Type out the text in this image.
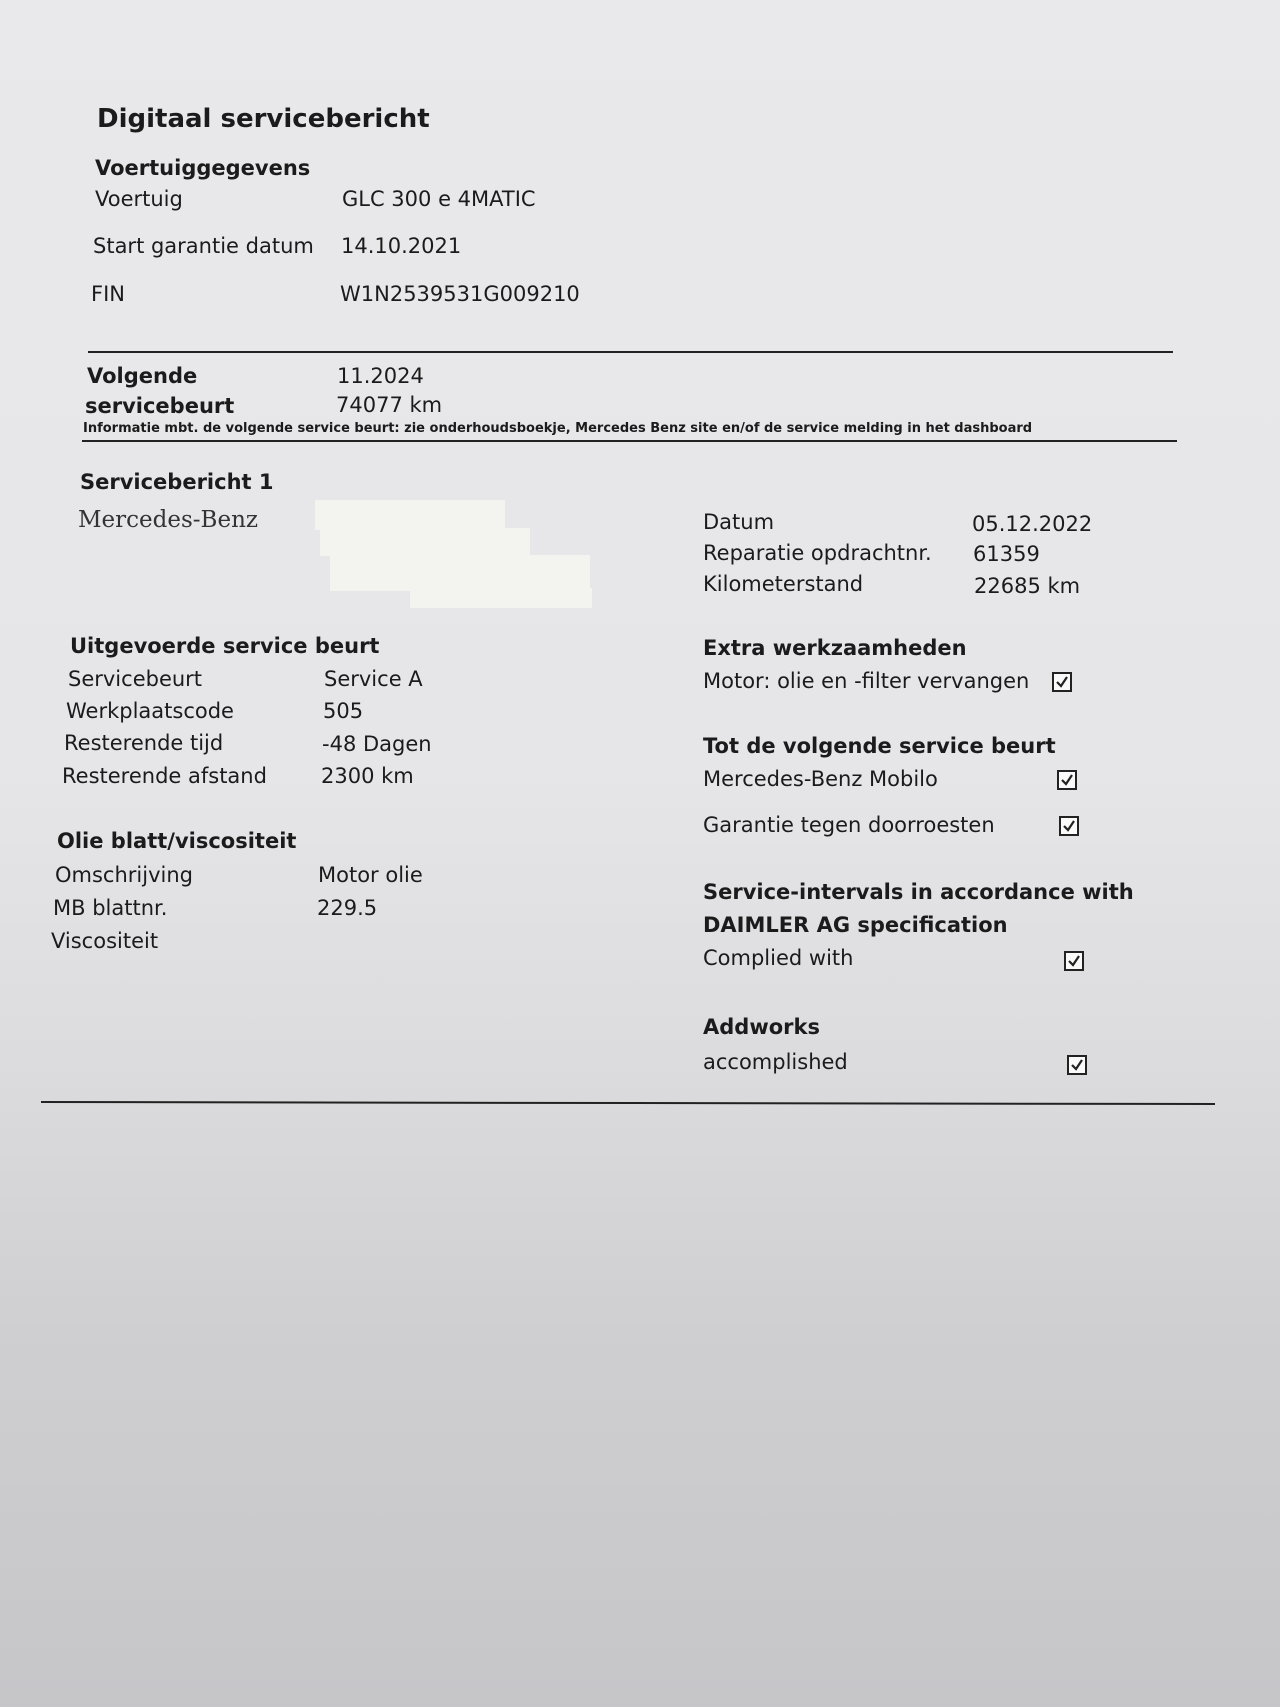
Digitaal servicebericht
Voertuiggegevens
Voertuig	GLC 300 e 4MATIC
Start garantie datum 14.10.2021
FIN	W1N2539531G009210
Volgende
servicebeurt
11.2024
74077 km
Informatie mbt. de volgende service beurt: zie onderhoudsboekje, Mercedes Benz site en/of de service melding in het dashboard
Servicebericht 1
Mercedes-Benz	Datum	05.12.2022
Reparatie opdrachtnr. 61359
Kilometerstand	22685 km
Uitgevoerde service beurt
Servicebeurt	Service A
Werkplaatscode	505
Resterende tijd	-48 Dagen
Resterende afstand	2300 km
Olie blatt/viscositeit
Omschrijving	Motor olie
MB blattnr.	229.5
Viscositeit
Extra werkzaamheden
Motor: olie en -filter vervangen
Tot de volgende service beurt
Mercedes-Benz Mobilo
Garantie tegen doorroesten
Service-intervals in accordance with
DAIMLER AG specification
Complied with
Addworks
accomplished
